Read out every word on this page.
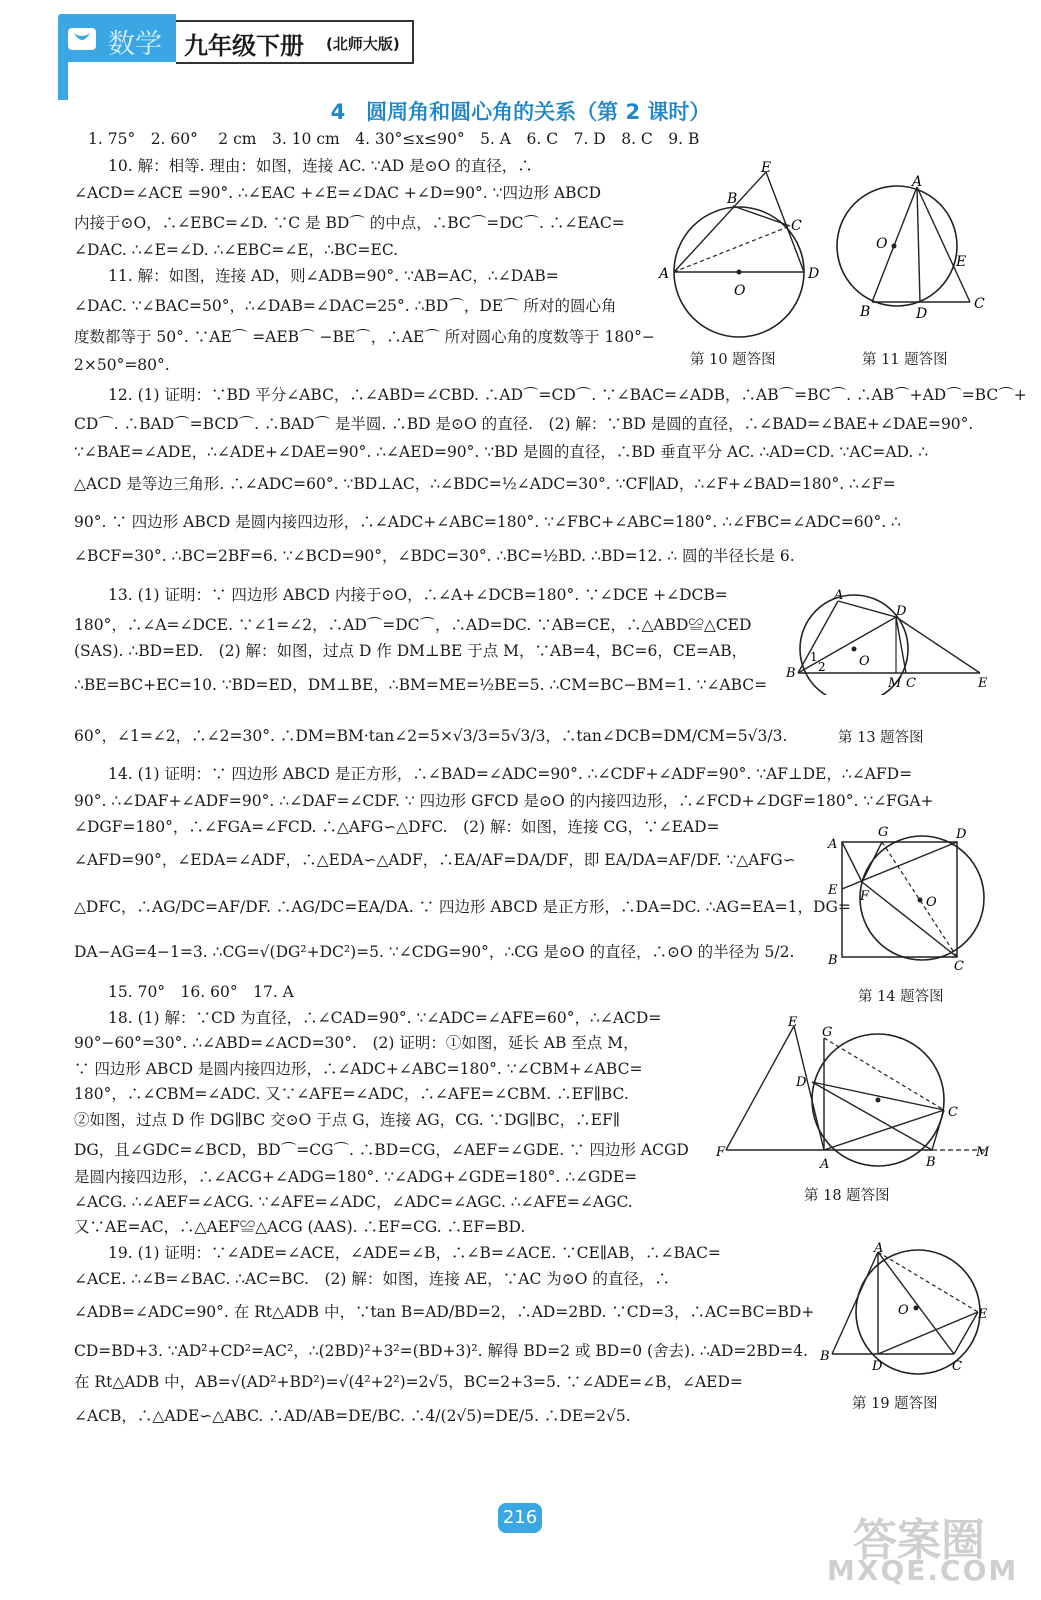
数学 九年级下册 (北师大版)
4　圆周角和圆心角的关系（第 2 课时）
1. 75°　2. 60°　 2 cm　3. 10 cm　4. 30°≤x≤90°　5. A　6. C　7. D　8. C　9. B
10. 解：相等. 理由：如图，连接 AC. ∵AD 是⊙O 的直径，∴
∠ACD=∠ACE =90°. ∴∠EAC +∠E=∠DAC +∠D=90°. ∵四边形 ABCD
内接于⊙O，∴∠EBC=∠D. ∵C 是 BD⌒ 的中点，∴BC⌒=DC⌒. ∴∠EAC=
∠DAC. ∴∠E=∠D. ∴∠EBC=∠E，∴BC=EC.
11. 解：如图，连接 AD，则∠ADB=90°. ∵AB=AC，∴∠DAB=
∠DAC. ∵∠BAC=50°，∴∠DAB=∠DAC=25°. ∴BD⌒，DE⌒ 所对的圆心角
度数都等于 50°. ∵AE⌒ =AEB⌒ −BE⌒，∴AE⌒ 所对圆心角的度数等于 180°−
2×50°=80°.
12. (1) 证明：∵BD 平分∠ABC，∴∠ABD=∠CBD. ∴AD⌒=CD⌒. ∵∠BAC=∠ADB，∴AB⌒=BC⌒. ∴AB⌒+AD⌒=BC⌒+
CD⌒. ∴BAD⌒=BCD⌒. ∴BAD⌒ 是半圆. ∴BD 是⊙O 的直径.　(2) 解：∵BD 是圆的直径，∴∠BAD=∠BAE+∠DAE=90°.
∵∠BAE=∠ADE，∴∠ADE+∠DAE=90°. ∴∠AED=90°. ∵BD 是圆的直径，∴BD 垂直平分 AC. ∴AD=CD. ∵AC=AD. ∴
△ACD 是等边三角形. ∴∠ADC=60°. ∵BD⊥AC，∴∠BDC=½∠ADC=30°. ∵CF∥AD，∴∠F+∠BAD=180°. ∴∠F=
90°. ∵ 四边形 ABCD 是圆内接四边形，∴∠ADC+∠ABC=180°. ∵∠FBC+∠ABC=180°. ∴∠FBC=∠ADC=60°. ∴
∠BCF=30°. ∴BC=2BF=6. ∵∠BCD=90°，∠BDC=30°. ∴BC=½BD. ∴BD=12. ∴ 圆的半径长是 6.
13. (1) 证明：∵ 四边形 ABCD 内接于⊙O，∴∠A+∠DCB=180°. ∵∠DCE +∠DCB=
180°，∴∠A=∠DCE. ∵∠1=∠2，∴AD⌒=DC⌒，∴AD=DC. ∵AB=CE，∴△ABD≌△CED
(SAS). ∴BD=ED.　(2) 解：如图，过点 D 作 DM⊥BE 于点 M，∵AB=4，BC=6，CE=AB，
∴BE=BC+EC=10. ∵BD=ED，DM⊥BE，∴BM=ME=½BE=5. ∴CM=BC−BM=1. ∵∠ABC=
60°，∠1=∠2，∴∠2=30°. ∴DM=BM·tan∠2=5×√3/3=5√3/3，∴tan∠DCB=DM/CM=5√3/3.
14. (1) 证明：∵ 四边形 ABCD 是正方形，∴∠BAD=∠ADC=90°. ∴∠CDF+∠ADF=90°. ∵AF⊥DE，∴∠AFD=
90°. ∴∠DAF+∠ADF=90°. ∴∠DAF=∠CDF. ∵ 四边形 GFCD 是⊙O 的内接四边形，∴∠FCD+∠DGF=180°. ∵∠FGA+
∠DGF=180°，∴∠FGA=∠FCD. ∴△AFG∽△DFC.　(2) 解：如图，连接 CG，∵∠EAD=
∠AFD=90°，∠EDA=∠ADF，∴△EDA∽△ADF，∴EA/AF=DA/DF，即 EA/DA=AF/DF. ∵△AFG∽
△DFC，∴AG/DC=AF/DF. ∴AG/DC=EA/DA. ∵ 四边形 ABCD 是正方形，∴DA=DC. ∴AG=EA=1，DG=
DA−AG=4−1=3. ∴CG=√(DG²+DC²)=5. ∵∠CDG=90°，∴CG 是⊙O 的直径，∴⊙O 的半径为 5/2.
15. 70°　16. 60°　17. A
18. (1) 解：∵CD 为直径，∴∠CAD=90°. ∵∠ADC=∠AFE=60°，∴∠ACD=
90°−60°=30°. ∴∠ABD=∠ACD=30°.　(2) 证明：①如图，延长 AB 至点 M，
∵ 四边形 ABCD 是圆内接四边形，∴∠ADC+∠ABC=180°. ∵∠CBM+∠ABC=
180°，∴∠CBM=∠ADC. 又∵∠AFE=∠ADC，∴∠AFE=∠CBM. ∴EF∥BC.
②如图，过点 D 作 DG∥BC 交⊙O 于点 G，连接 AG，CG. ∵DG∥BC，∴EF∥
DG，且∠GDC=∠BCD，BD⌒=CG⌒. ∴BD=CG，∠AEF=∠GDE. ∵ 四边形 ACGD
是圆内接四边形，∴∠ACG+∠ADG=180°. ∵∠ADG+∠GDE=180°. ∴∠GDE=
∠ACG. ∴∠AEF=∠ACG. ∵∠AFE=∠ADC，∠ADC=∠AGC. ∴∠AFE=∠AGC.
又∵AE=AC，∴△AEF≌△ACG (AAS). ∴EF=CG. ∴EF=BD.
19. (1) 证明：∵∠ADE=∠ACE，∠ADE=∠B，∴∠B=∠ACE. ∵CE∥AB，∴∠BAC=
∠ACE. ∴∠B=∠BAC. ∴AC=BC.　(2) 解：如图，连接 AE，∵AC 为⊙O 的直径，∴
∠ADB=∠ADC=90°. 在 Rt△ADB 中，∵tan B=AD/BD=2，∴AD=2BD. ∵CD=3，∴AC=BC=BD+
CD=BD+3. ∵AD²+CD²=AC²，∴(2BD)²+3²=(BD+3)². 解得 BD=2 或 BD=0 (舍去). ∴AD=2BD=4.
在 Rt△ADB 中，AB=√(AD²+BD²)=√(4²+2²)=2√5，BC=2+3=5. ∵∠ADE=∠B，∠AED=
∠ACB，∴△ADE∽△ABC. ∴AD/AB=DE/BC. ∴4/(2√5)=DE/5. ∴DE=2√5.
E
B
C
A	D
O
第 10 题答图
A
O
E
B	D
C
第 11 题答图
A
D
B
1
2	O
M C	E
第 13 题答图
G	D
A
E F	O
B	C
第 14 题答图
E
G
D
C
F
A	B
M
第 18 题答图
A
O	E
B
D	C
第 19 题答图
216	答案圈
MXQE.COM
